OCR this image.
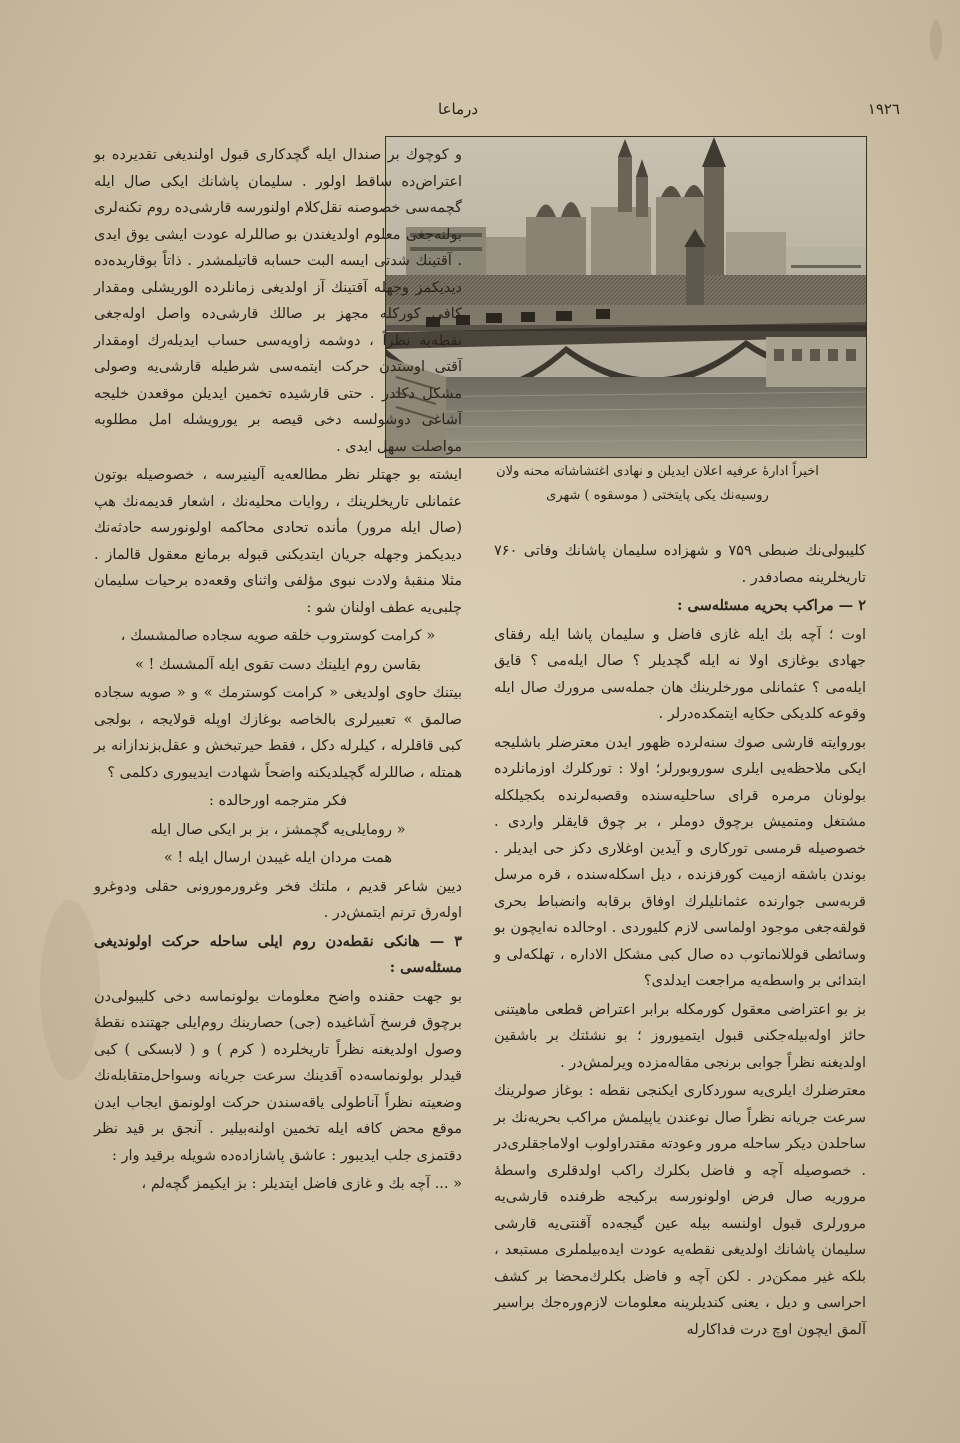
١٩٢٦
درماعا
اخیراً ادارهٔ عرفیه اعلان ایدیلن و نهادی اغتشاشاته محنه ولان
روسیه‌نك یکی پایتختی ( موسقوه ) شهری

و کوچوك بر صندال ایله گچدکاری قبول اولندیغی تقدیرده بو اعتراض‌ده ساقط اولور . سلیمان پاشانك ایکی صال ایله گچمه‌سی خصوصنه نقل‌کلام اولنورسه قارشی‌ده روم تکنه‌لری بولنه‌جغی معلوم اولدیغندن بو صاللرله عودت ایشی یوق ایدی . آقتینك شدتی ایسه البت حسابه قاتیلمشدر . ذاتاً بوقاریده‌ده دیدیکمز وجهله آقتینك آز اولدیغی زمانلرده الوریشلی ومقدار کافی کورکله مجهز بر صالك قارشی‌ده واصل اوله‌جغی نقطه‌یه نظراً ، دوشمه زاویه‌سی حساب ایدیله‌رك اومقدار آقتی اوستدن حرکت ایتمه‌سی شرطیله قارشی‌یه وصولی مشکل دکلدر . حتی قارشیده تخمین ایدیلن موقعدن خلیجه آشاغی دوشولسه دخی قیصه بر یورویشله امل مطلوبه مواصلت سهل ایدی .

ایشته بو جهتلر نظر مطالعه‌یه آلینیرسه ، خصوصیله بوتون عثمانلی تاریخلرینك ، روایات محلیه‌نك ، اشعار قدیمه‌نك هپ (صال ایله مرور) مأنده تحادی محاکمه اولونورسه حادثه‌نك دیدیکمز وجهله جریان ایتدیکنی قبوله برمانع معقول قالماز . مثلا منقبهٔ ولادت نبوی مؤلفی واثنای وقعه‌ده برحیات سلیمان چلبی‌یه عطف اولنان شو :

« کرامت کوستروب خلقه صویه سجاده صالمشسك ،

بقاسن روم ایلینك دست تقوی ایله آلمشسك ! »

بیتنك حاوی اولدیغی « کرامت کوسترمك » و « صویه سجاده صالمق » تعبیرلری بالخاصه بوغازك اوپله قولایجه ، بولجی کبی قاقلرله ، کیلرله دکل ، فقط حیرتبخش و عقل‌بزندازانه بر همتله ، صاللرله گچیلدیکنه واضحاً شهادت ایدیبوری دکلمی ؟

فکر مترجمه اورحالده :

« رومایلی‌یه گچمشز ، بز بر ایکی صال ایله

همت مردان ایله غیبدن ارسال ایله ! »

دیین شاعر قدیم ، ملتك فخر وغرورمورونی حقلی ودوغرو اوله‌رق ترنم ایتمش‌در .

٣ — هانکی نقطه‌دن روم ایلی ساحله حرکت اولوندیغی مسئله‌سی :

بو جهت حقنده واضح معلومات بولونماسه دخی کلیبولی‌دن برچوق فرسخ آشاغیده (جی) حصارینك روم‌ایلی جهتنده نقطهٔ وصول اولدیغنه نظراً تاریخلرده ( کرم ) و ( لابسکی ) کبی قیدلر بولونماسه‌ده آقدینك سرعت جریانه وسواحل‌متقابله‌نك وضعیته نظراً آناطولی یاقه‌سندن حرکت اولونمق ایجاب ایدن موقع محض کافه ایله تخمین اولنه‌بیلیر . آنجق بر قید نظر دقتمزی جلب ایدیبور : عاشق پاشازاده‌ده شویله برقید وار :

« ... آچه بك و غازی فاضل ایتدیلر : بز ایکیمز گچه‌لم ،

کلیبولی‌نك ضبطی ۷۵۹ و شهزاده سلیمان پاشانك وفاتی ۷۶۰ تاریخلرینه مصادفدر .

٢ — مراکب بحریه مسئله‌سی :

اوت ؛ آچه بك ایله غازی فاضل و سلیمان پاشا ایله رفقای جهادی بوغازی اولا نه ایله گچدیلر ؟ صال ایله‌می ؟ قایق ایله‌می ؟ عثمانلی مورخلرینك هان جمله‌سی مرورك صال ایله وقوعه کلدیکی حکایه ایتمکده‌درلر .

بوروایته قارشی صوك سنه‌لرده ظهور ایدن معترضلر باشلیجه ایکی ملاحظه‌یی ایلری سوروبورلر؛ اولا : تورکلرك اوزمانلرده بولونان مرمره قرای ساحلیه‌سنده وقصبه‌لرنده بکجیلکله مشتغل ومتمیش برچوق دوملر ، بر چوق قایقلر واردی . خصوصیله قرمسی تورکاری و آیدین اوغلاری دکز حی ایدیلر . بوندن باشقه ازمیت کورفزنده ، دیل اسکله‌سنده ، قره مرسل قربه‌سی جوارنده عثمانلیلرك اوفاق برقابه وانضباط بحری قولقه‌جغی موجود اولماسی لازم کلیوردی . اوحالده نه‌ایچون بو وسائطی قوللانماتوب ده صال کبی مشکل الاداره ، تهلکه‌لی و ابتدائی بر واسطه‌یه مراجعت ایدلدی؟

بز بو اعتراضی معقول کورمکله برابر اعتراض قطعی ماهیتنی حائز اوله‌بیله‌جکنی قبول ایتمیوروز ؛ بو نشئتك بر باشقین اولدیغنه نظراً جوابی برنجی مقاله‌مزده ویرلمش‌در .

معترضلرك ایلری‌یه سوردکاری ایکنجی نقطه : بوغاز صولرینك سرعت جریانه نظراً صال نوعندن یاپیلمش مراکب بحریه‌نك بر ساحلدن دیکر ساحله مرور وعودته مقتدراولوب اولاماجقلری‌در . خصوصیله آچه و فاضل بکلرك راکب اولدقلری واسطهٔ مروریه صال فرض اولونورسه برکیجه ظرفنده قارشی‌یه مرورلری قبول اولنسه بیله عین گیجه‌ده آقنتی‌یه قارشی سلیمان پاشانك اولدیغی نقطه‌یه عودت ایده‌بیلملری مستبعد ، بلکه غیر ممکن‌در . لکن آچه و فاضل بکلرك‌محضا بر کشف احراسی و دیل ، یعنی کندیلرینه معلومات لازم‌وره‌جك براسیر آلمق ایچون اوچ درت فداکارله
